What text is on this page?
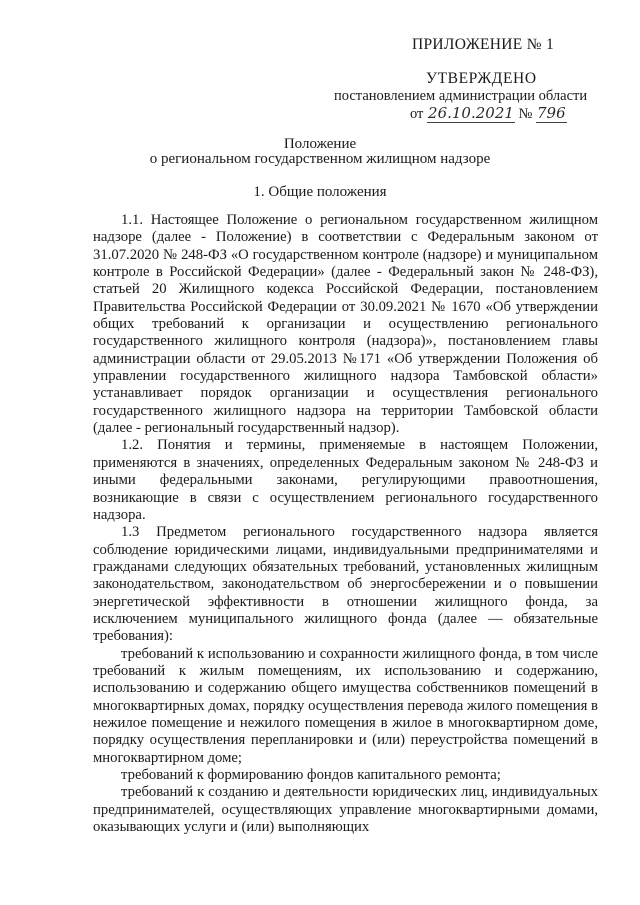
ПРИЛОЖЕНИЕ № 1
УТВЕРЖДЕНО
постановлением администрации области
от 26.10.2021 № 796
Положение
о региональном государственном жилищном надзоре
1. Общие положения

1.1. Настоящее Положение о региональном государственном жилищном надзоре (далее - Положение) в соответствии с Федеральным законом от 31.07.2020 № 248-ФЗ «О государственном контроле (надзоре) и муниципальном контроле в Российской Федерации» (далее - Федеральный закон № 248-ФЗ), статьей 20 Жилищного кодекса Российской Федерации, постановлением Правительства Российской Федерации от 30.09.2021 № 1670 «Об утверждении общих требований к организации и осуществлению регионального государственного жилищного контроля (надзора)», постановлением главы администрации области от 29.05.2013 №171 «Об утверждении Положения об управлении государственного жилищного надзора Тамбовской области» устанавливает порядок организации и осуществления регионального государственного жилищного надзора на территории Тамбовской области (далее - региональный государственный надзор).

1.2. Понятия и термины, применяемые в настоящем Положении, применяются в значениях, определенных Федеральным законом № 248-ФЗ и иными федеральными законами, регулирующими правоотношения, возникающие в связи с осуществлением регионального государственного надзора.

1.3 Предметом регионального государственного надзора является соблюдение юридическими лицами, индивидуальными предпринимателями и гражданами следующих обязательных требований, установленных жилищным законодательством, законодательством об энергосбережении и о повышении энергетической эффективности в отношении жилищного фонда, за исключением муниципального жилищного фонда (далее — обязательные требования):

требований к использованию и сохранности жилищного фонда, в том числе требований к жилым помещениям, их использованию и содержанию, использованию и содержанию общего имущества собственников помещений в многоквартирных домах, порядку осуществления перевода жилого помещения в нежилое помещение и нежилого помещения в жилое в многоквартирном доме, порядку осуществления перепланировки и (или) переустройства помещений в многоквартирном доме;

требований к формированию фондов капитального ремонта;

требований к созданию и деятельности юридических лиц, индивидуальных предпринимателей, осуществляющих управление многоквартирными домами, оказывающих услуги и (или) выполняющих
